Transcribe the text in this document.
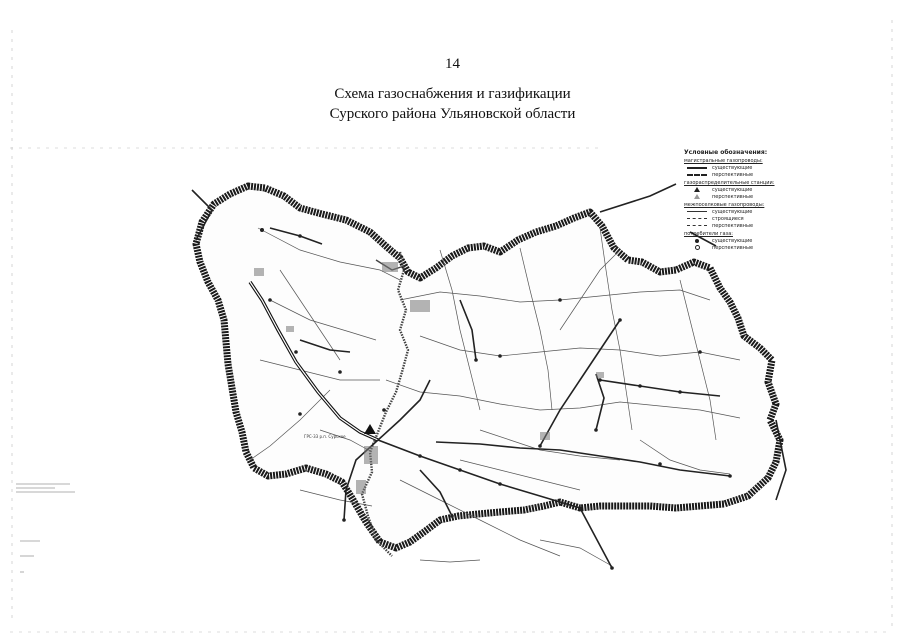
14
Схема газоснабжения и газификации
Сурского района Ульяновской области
ГРС-33 р.п. Сурское
Условные обозначения:
магистральные газопроводы:
существующие
перспективные
газораспределительные станции:
существующие
перспективные
межпоселковые газопроводы:
существующие
строящиеся
перспективные
потребители газа:
существующие
перспективные
